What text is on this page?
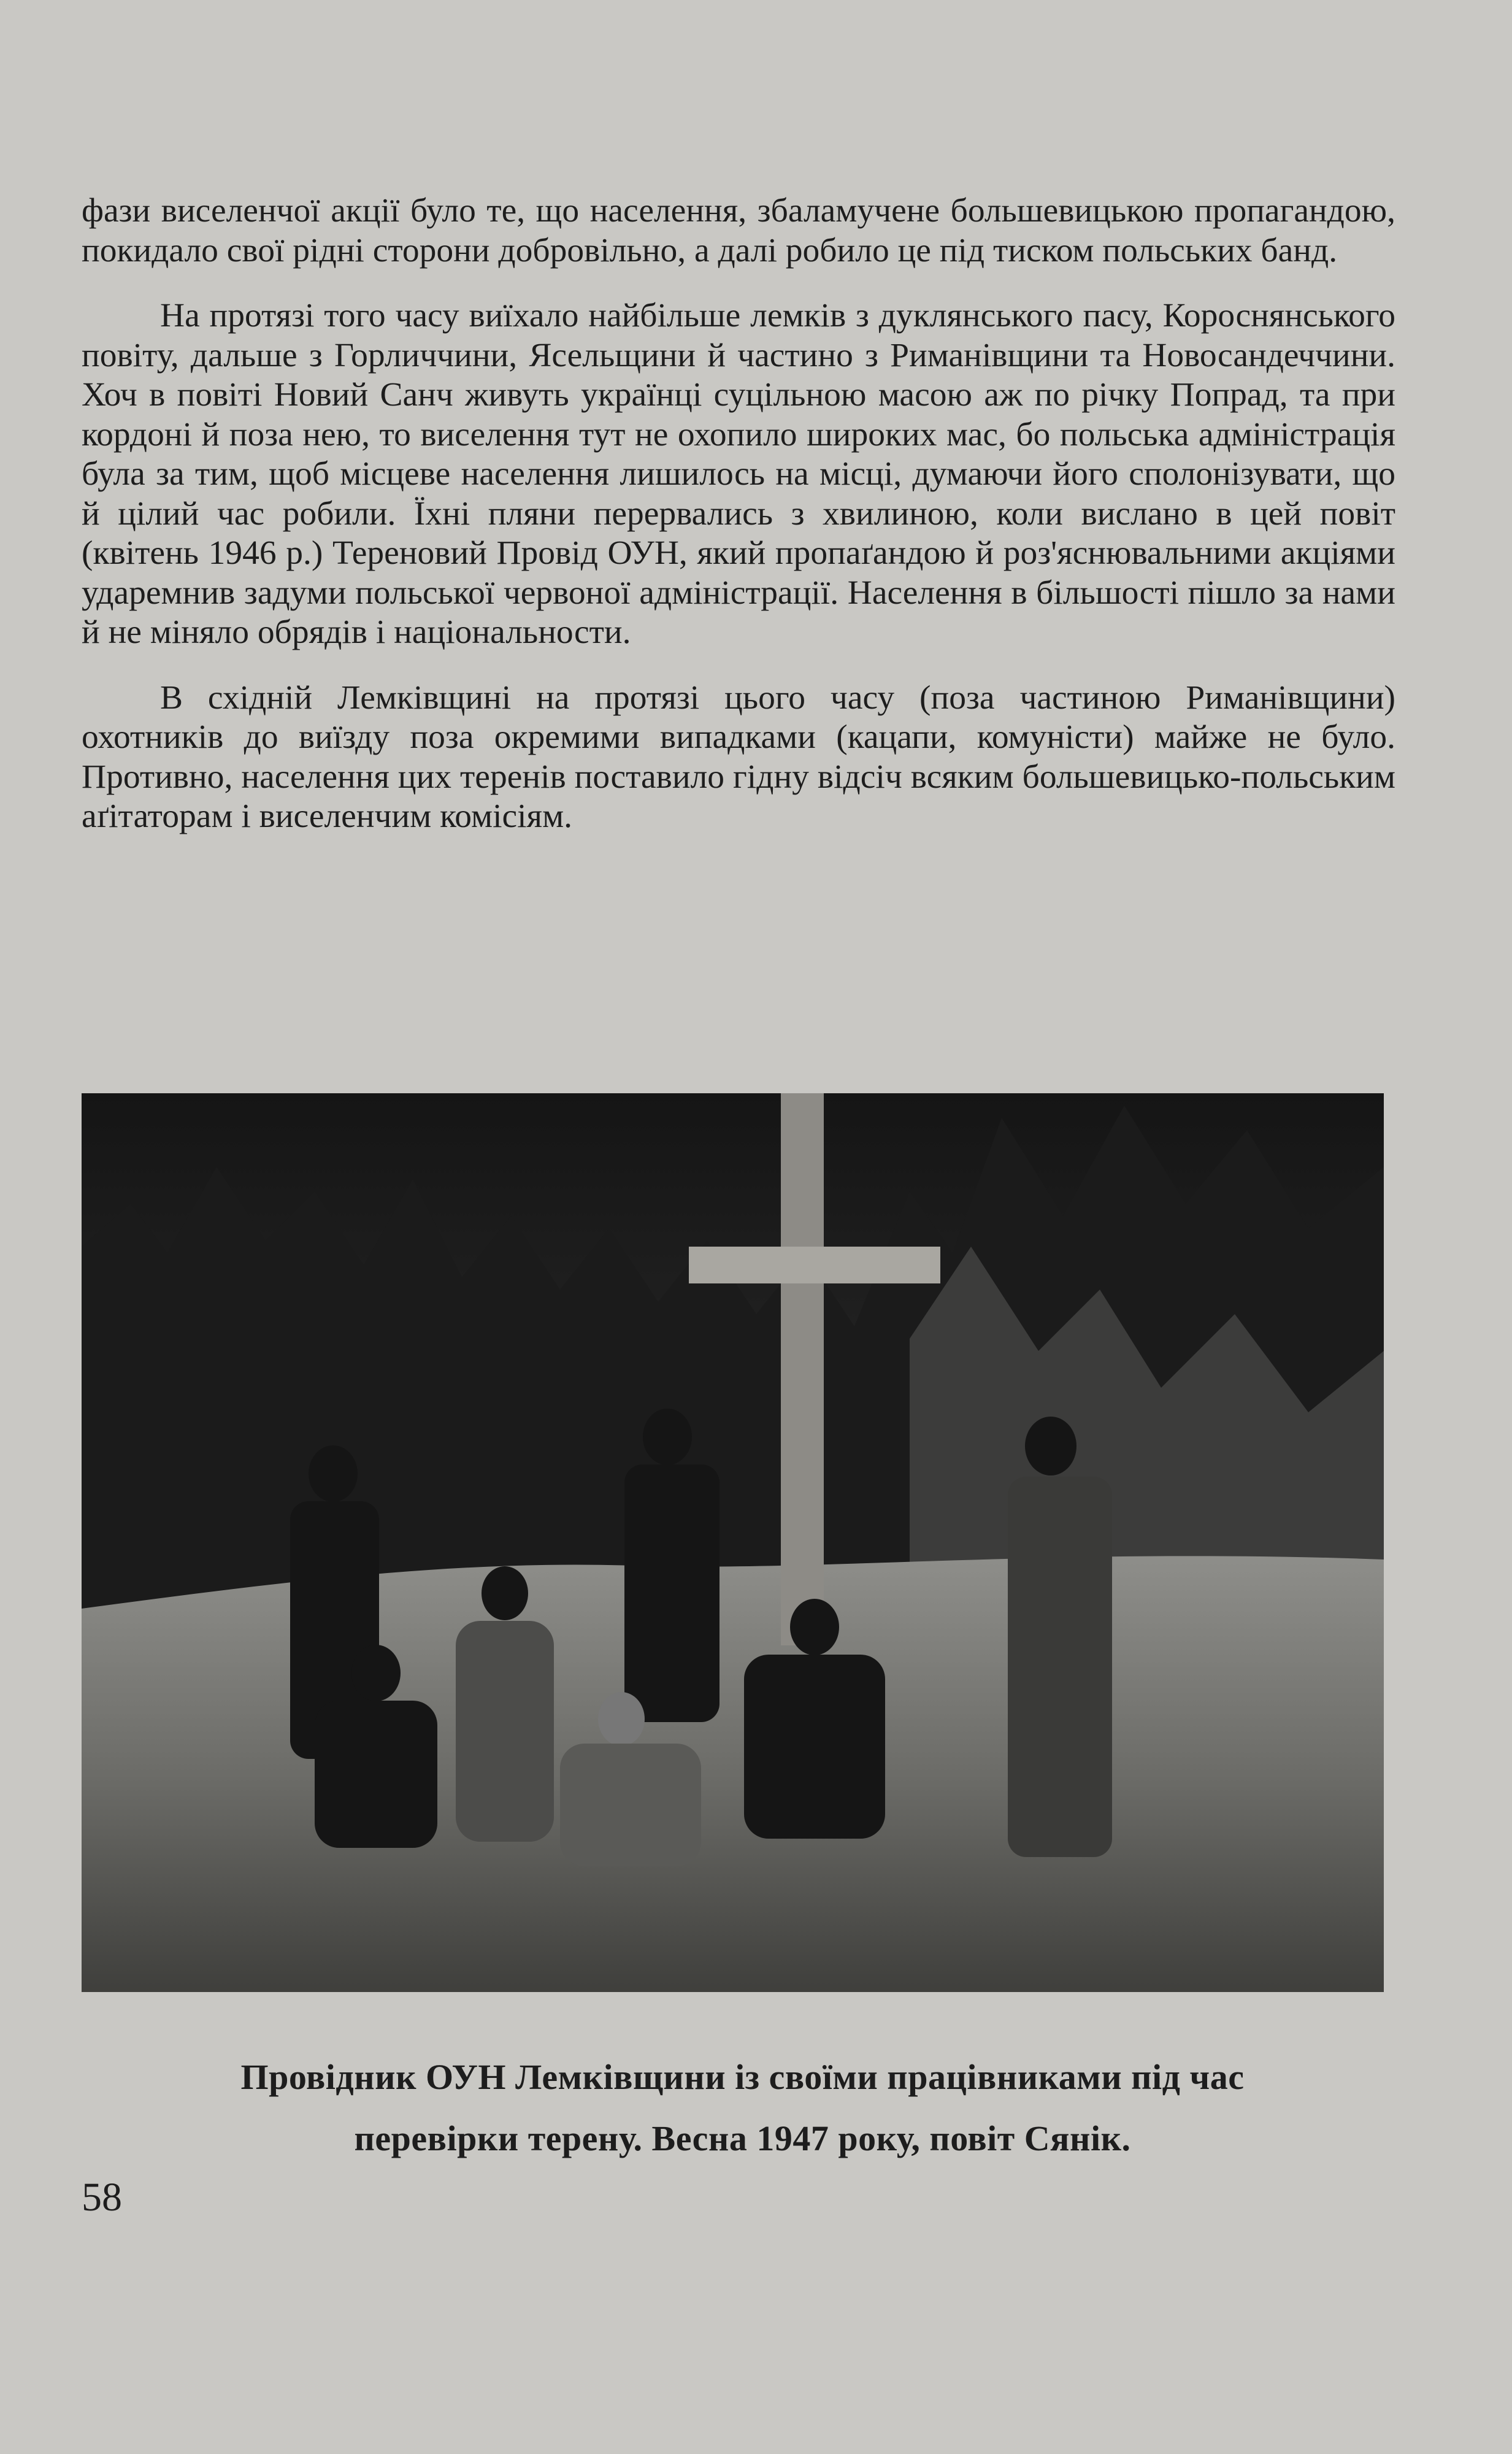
фази виселенчої акції було те, що населення, збаламучене большевицькою пропагандою, покидало свої рідні сторони добровільно, а далі робило це під тиском польських банд.

На протязі того часу виїхало найбільше лемків з дуклянського пасу, Короснянського повіту, дальше з Горличчини, Ясельщини й частино з Риманівщини та Новосандеччини. Хоч в повіті Новий Санч живуть українці суцільною масою аж по річку Попрад, та при кордоні й поза нею, то виселення тут не охопило широких мас, бо польська адміністрація була за тим, щоб місцеве населення лишилось на місці, думаючи його сполонізувати, що й цілий час робили. Їхні пляни перервались з хвилиною, коли вислано в цей повіт (квітень 1946 р.) Тереновий Провід ОУН, який пропаґандою й роз'яснювальними акціями ударемнив задуми польської червоної адміністрації. Населення в більшості пішло за нами й не міняло обрядів і національности.

В східній Лемківщині на протязі цього часу (поза частиною Риманівщини) охотників до виїзду поза окремими випадками (кацапи, комуністи) майже не було. Противно, населення цих теренів поставило гідну відсіч всяким большевицько-польським аґітаторам і виселенчим комісіям.

Провідник ОУН Лемківщини із своїми працівниками під час
перевірки терену. Весна 1947 року, повіт Сянік.
58
